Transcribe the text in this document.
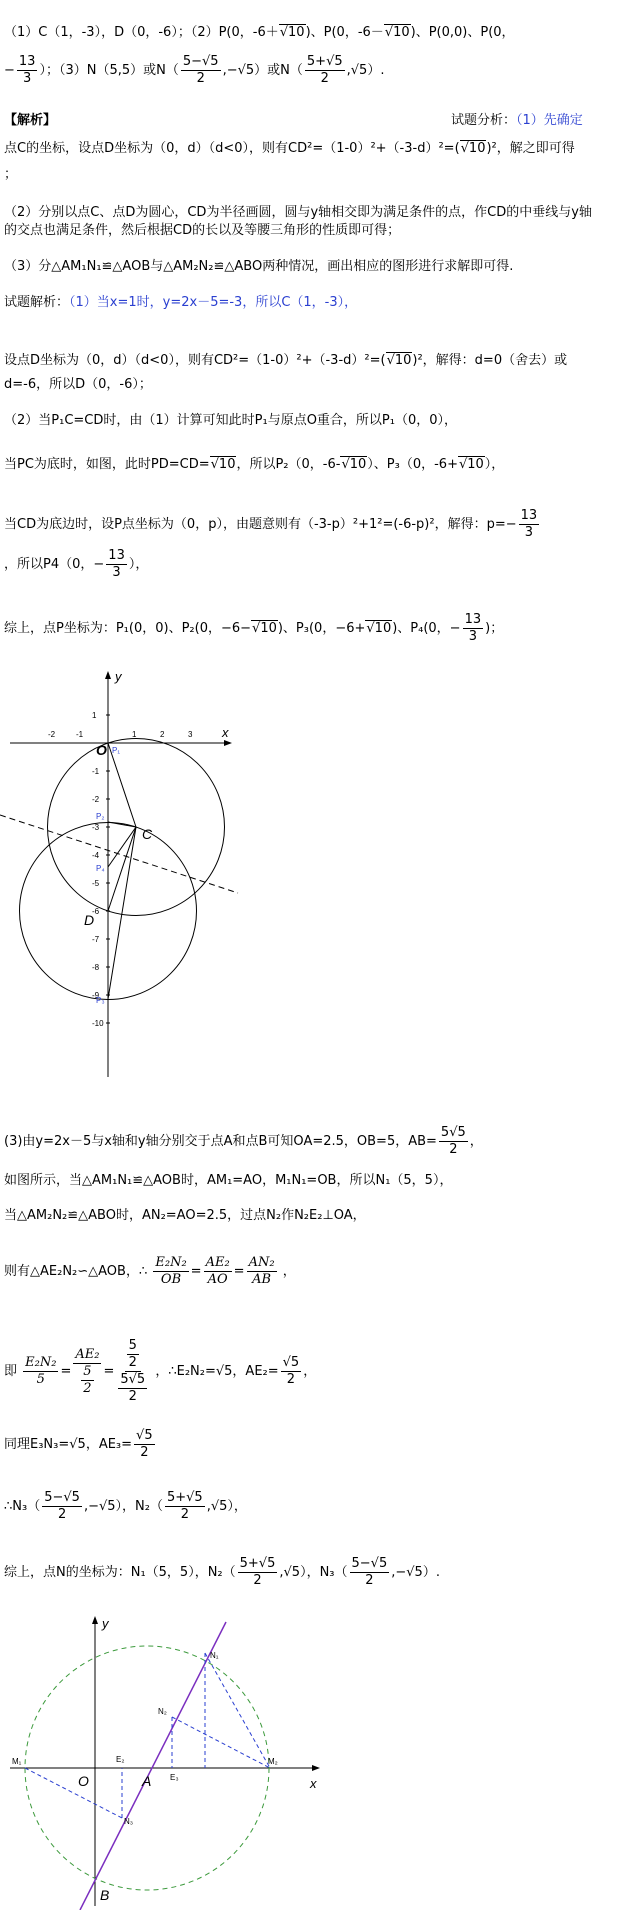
（1）C（1，-3），D（0，-6）；（2）P(0，-6＋√10)、P(0，-6－√10)、P(0,0)、P(0，
− $\frac{13}{3}$ ）；（3）N（5,5）或$N( \frac{5-√5}{2} ,-√5)$或$N( \frac{5+√5}{2} ,√5)$.
【解析】	试题分析：（1）先确定
点C的坐标，设点D坐标为（0，d）（d<0），则有CD²=（1-0）²+（-3-d）²=(√10)²，解之即可得
；
（2）分别以点C、点D为圆心，CD为半径画圆，圆与y轴相交即为满足条件的点，作CD的中垂线与y轴
的交点也满足条件，然后根据CD的长以及等腰三角形的性质即可得；
（3）分△AM₁N₁≌△AOB与△AM₂N₂≌△ABO两种情况，画出相应的图形进行求解即可得.
试题解析：（1）当x=1时，y=2x－5=-3，所以C（1，-3），
设点D坐标为（0，d）（d<0），则有CD²=（1-0）²+（-3-d）²=(√10)²，解得：d=0（舍去）或
d=-6，所以D（0，-6）；
（2）当P₁C=CD时，由（1）计算可知此时P₁与原点O重合，所以P₁（0，0），
当PC为底时，如图，此时PD=CD=√10，所以P₂（0，-6-√10）、P₃（0，-6+√10），
当CD为底边时，设P点坐标为（0，p），由题意则有（-3-p）²+1²=(-6-p)²，解得：$p=- \frac{13}{3}$
，所以P4（0，− $\frac{13}{3}$ ），
综上，点P坐标为：P₁(0，0)、P₂(0，−6−√10)、P₃(0，−6+√10)、P₄(0，− $\frac{13}{3}$ )；
-2	-1	1	2	3
1
-1
-2
-3
-4
-5
-6
-7
-8
-9
-10
y
x
O
C
D
P₁
P₂
P₄
P₃
(3)由y=2x－5与x轴和y轴分别交于点A和点B可知OA=2.5，OB=5，$AB= \frac{5√5}{2}$ ，
如图所示，当△AM₁N₁≌△AOB时，AM₁=AO，M₁N₁=OB，所以N₁（5，5），
当△AM₂N₂≌△ABO时，AN₂=AO=2.5，过点N₂作N₂E₂⊥OA，
则有△AE₂N₂∽△AOB，∴ $\frac{\text{E₂N₂}}{OB} = \frac{\text{AE₂}}{AO} = \frac{\text{AN₂}}{AB}$ ，
即 $\frac{\text{E₂N₂}}{5} = \frac{\text{AE₂}}{\frac{5}{2}} = \frac{\frac{5}{2}}{\frac{5√5}{2}}$ ，∴E₂N₂=√5，$AE_2= \frac{√5}{2}$ ，
同理E₃N₃=√5，$AE_3= \frac{√5}{2}$
∴N₃（ $\frac{5-√5}{2} ,-√5$），$N_2( \frac{5+√5}{2} ,√5)$，
综上，点N的坐标为：N₁（5，5），$N_2( \frac{5+√5}{2} ,√5)$，$N_3( \frac{5-√5}{2} ,-√5)$.
y
x
O	A
B
M₁	M₂
N₁
N₂
N₃
E₂
E₃
